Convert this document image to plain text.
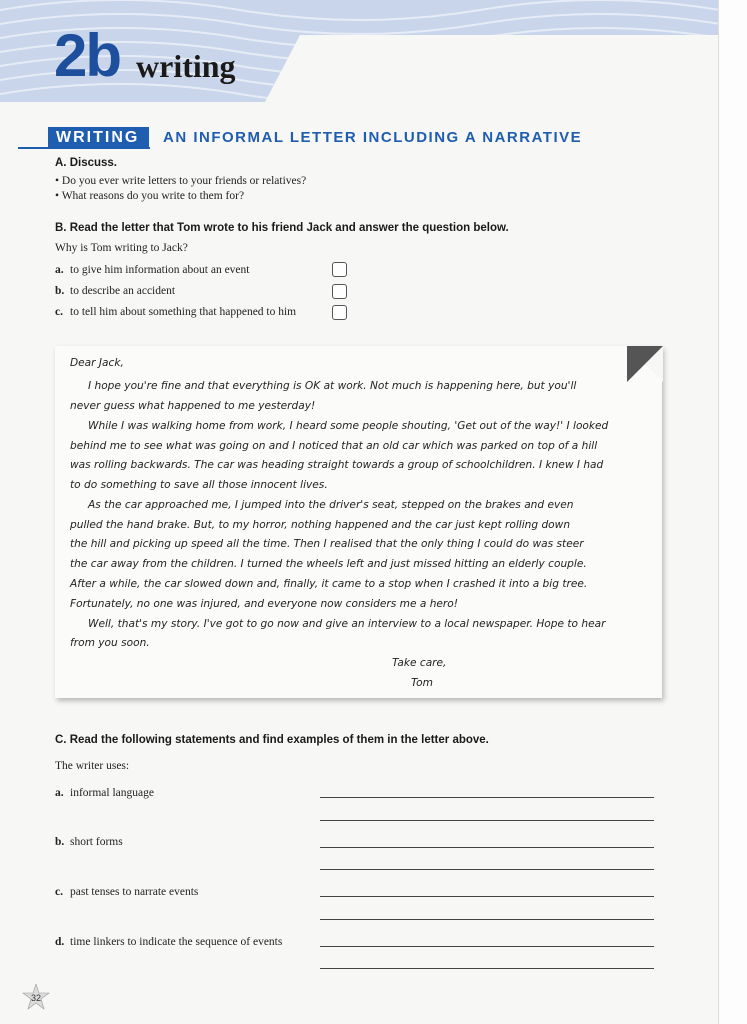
2b writing
WRITING	AN INFORMAL LETTER INCLUDING A NARRATIVE
A. Discuss.
• Do you ever write letters to your friends or relatives?
• What reasons do you write to them for?
B. Read the letter that Tom wrote to his friend Jack and answer the question below.
Why is Tom writing to Jack?
a. to give him information about an event
b. to describe an accident
c. to tell him about something that happened to him
Dear Jack,
I hope you're fine and that everything is OK at work. Not much is happening here, but you'll
never guess what happened to me yesterday!
While I was walking home from work, I heard some people shouting, 'Get out of the way!' I looked
behind me to see what was going on and I noticed that an old car which was parked on top of a hill
was rolling backwards. The car was heading straight towards a group of schoolchildren. I knew I had
to do something to save all those innocent lives.
As the car approached me, I jumped into the driver's seat, stepped on the brakes and even
pulled the hand brake. But, to my horror, nothing happened and the car just kept rolling down
the hill and picking up speed all the time. Then I realised that the only thing I could do was steer
the car away from the children. I turned the wheels left and just missed hitting an elderly couple.
After a while, the car slowed down and, finally, it came to a stop when I crashed it into a big tree.
Fortunately, no one was injured, and everyone now considers me a hero!
Well, that's my story. I've got to go now and give an interview to a local newspaper. Hope to hear
from you soon.
Take care,
Tom
C. Read the following statements and find examples of them in the letter above.
The writer uses:
a. informal language
b. short forms
c. past tenses to narrate events
d. time linkers to indicate the sequence of events
32
